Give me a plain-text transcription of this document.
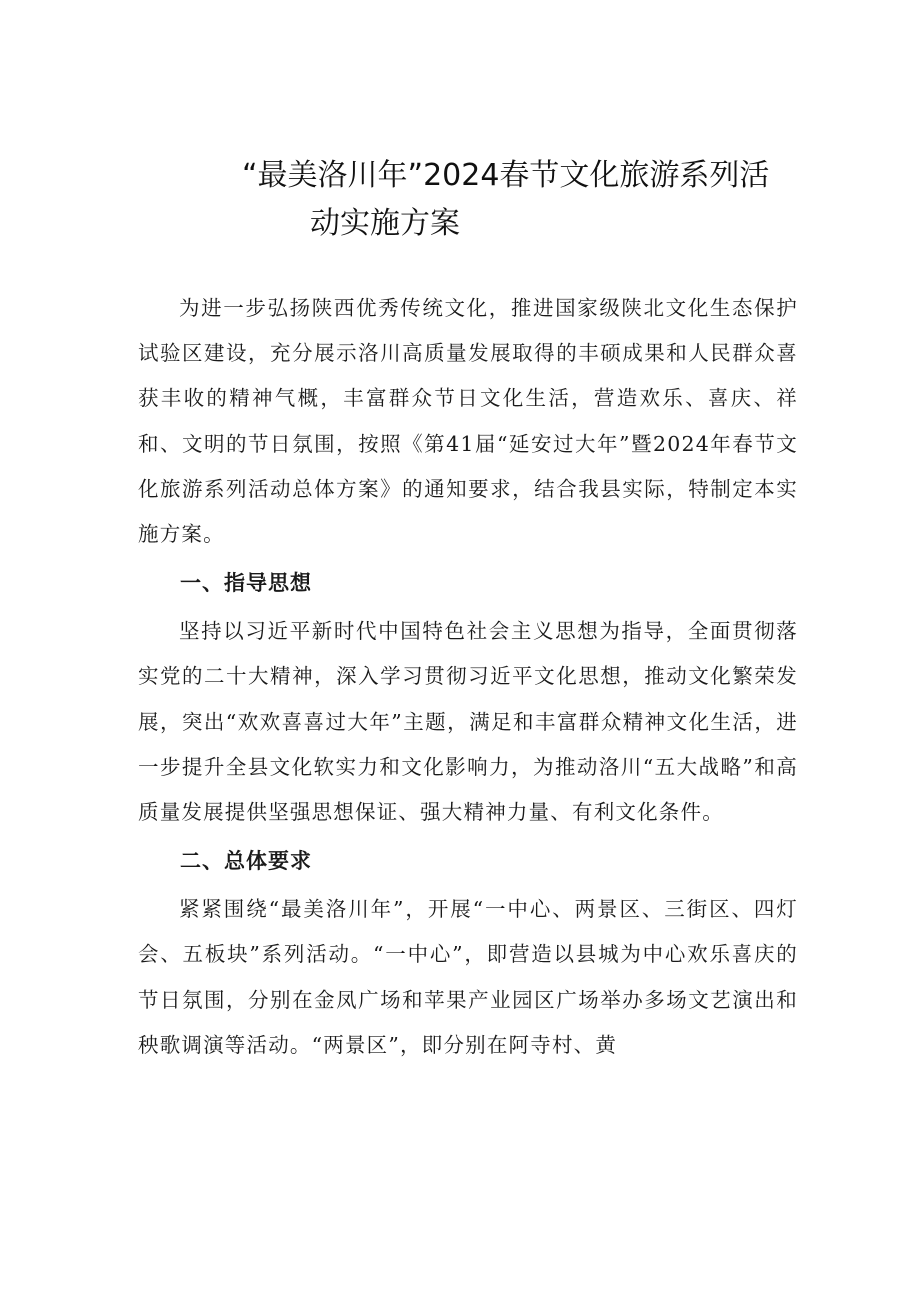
“最美洛川年”2024春节文化旅游系列活
动实施方案

为进一步弘扬陕西优秀传统文化，推进国家级陕北文化生态保护试验区建设，充分展示洛川高质量发展取得的丰硕成果和人民群众喜获丰收的精神气概，丰富群众节日文化生活，营造欢乐、喜庆、祥和、文明的节日氛围，按照《第41届“延安过大年”暨2024年春节文化旅游系列活动总体方案》的通知要求，结合我县实际，特制定本实施方案。

一、指导思想

坚持以习近平新时代中国特色社会主义思想为指导，全面贯彻落实党的二十大精神，深入学习贯彻习近平文化思想，推动文化繁荣发展，突出“欢欢喜喜过大年”主题，满足和丰富群众精神文化生活，进一步提升全县文化软实力和文化影响力，为推动洛川“五大战略”和高质量发展提供坚强思想保证、强大精神力量、有利文化条件。

二、总体要求

紧紧围绕“最美洛川年”，开展“一中心、两景区、三街区、四灯会、五板块”系列活动。“一中心”，即营造以县城为中心欢乐喜庆的节日氛围，分别在金凤广场和苹果产业园区广场举办多场文艺演出和秧歌调演等活动。“两景区”，即分别在阿寺村、黄
